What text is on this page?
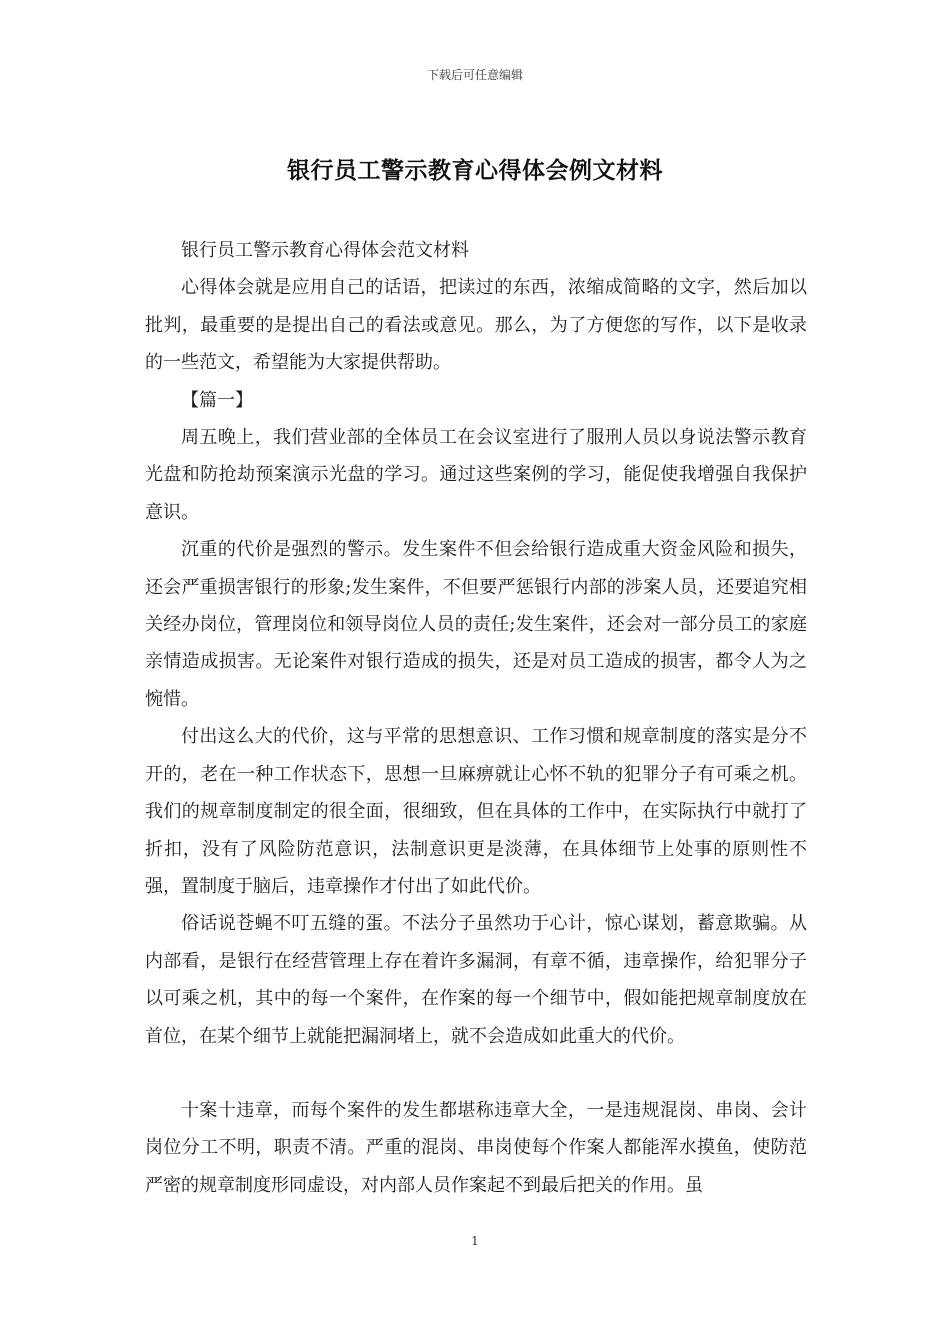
下载后可任意编辑
银行员工警示教育心得体会例文材料

银行员工警示教育心得体会范文材料

心得体会就是应用自己的话语，把读过的东西，浓缩成简略的文字，然后加以批判，最重要的是提出自己的看法或意见。那么，为了方便您的写作，以下是收录的一些范文，希望能为大家提供帮助。

【篇一】

周五晚上，我们营业部的全体员工在会议室进行了服刑人员以身说法警示教育光盘和防抢劫预案演示光盘的学习。通过这些案例的学习，能促使我增强自我保护意识。

沉重的代价是强烈的警示。发生案件不但会给银行造成重大资金风险和损失，还会严重损害银行的形象;发生案件，不但要严惩银行内部的涉案人员，还要追究相关经办岗位，管理岗位和领导岗位人员的责任;发生案件，还会对一部分员工的家庭亲情造成损害。无论案件对银行造成的损失，还是对员工造成的损害，都令人为之惋惜。

付出这么大的代价，这与平常的思想意识、工作习惯和规章制度的落实是分不开的，老在一种工作状态下，思想一旦麻痹就让心怀不轨的犯罪分子有可乘之机。我们的规章制度制定的很全面，很细致，但在具体的工作中，在实际执行中就打了折扣，没有了风险防范意识，法制意识更是淡薄，在具体细节上处事的原则性不强，置制度于脑后，违章操作才付出了如此代价。

俗话说苍蝇不叮五缝的蛋。不法分子虽然功于心计，惊心谋划，蓄意欺骗。从内部看，是银行在经营管理上存在着许多漏洞，有章不循，违章操作，给犯罪分子以可乘之机，其中的每一个案件，在作案的每一个细节中，假如能把规章制度放在首位，在某个细节上就能把漏洞堵上，就不会造成如此重大的代价。

十案十违章，而每个案件的发生都堪称违章大全，一是违规混岗、串岗、会计岗位分工不明，职责不清。严重的混岗、串岗使每个作案人都能浑水摸鱼，使防范严密的规章制度形同虚设，对内部人员作案起不到最后把关的作用。虽

1
